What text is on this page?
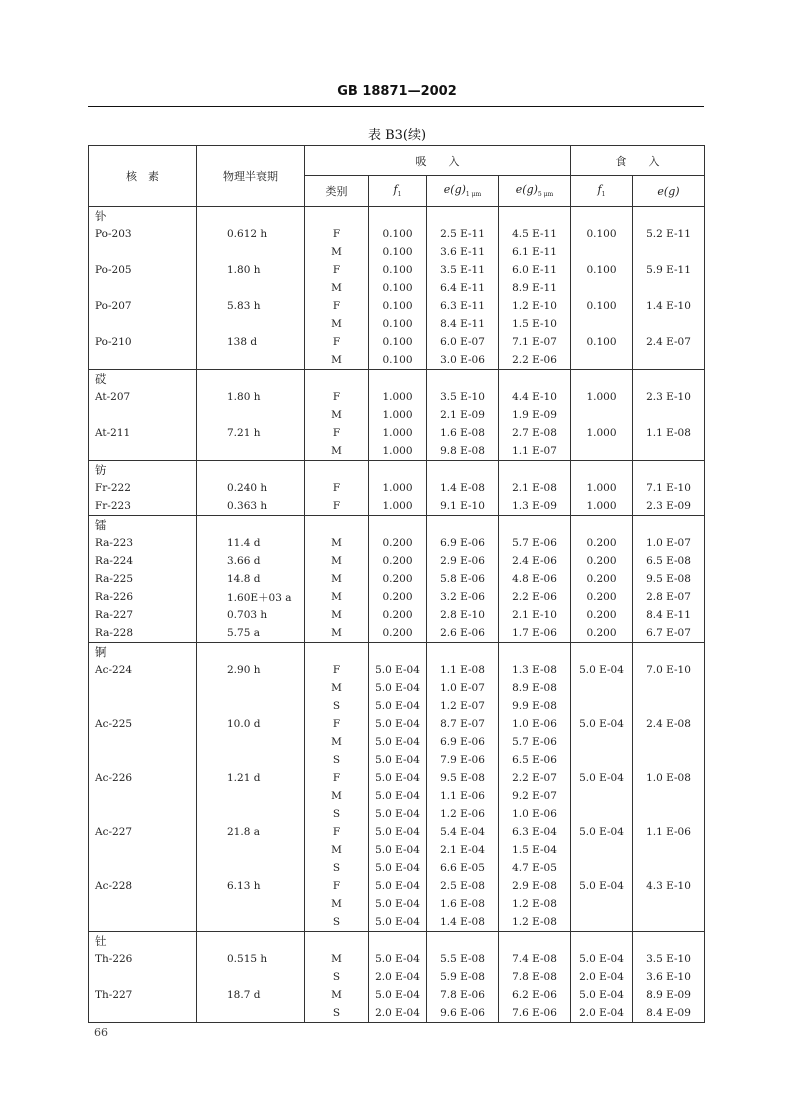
GB 18871—2002
表 B3(续)
核　素	物理半衰期	吸　　入				食　　入	
		类别	$f_1$	$e(g)_{1 \mu m}$	$e(g)_{5 \mu m}$	$f_1$	e(g)
钋							
Po-203	0.612 h	F	0.100	2.5 E-11	4.5 E-11	0.100	5.2 E-11
		M	0.100	3.6 E-11	6.1 E-11		
Po-205	1.80 h	F	0.100	3.5 E-11	6.0 E-11	0.100	5.9 E-11
		M	0.100	6.4 E-11	8.9 E-11		
Po-207	5.83 h	F	0.100	6.3 E-11	1.2 E-10	0.100	1.4 E-10
		M	0.100	8.4 E-11	1.5 E-10		
Po-210	138 d	F	0.100	6.0 E-07	7.1 E-07	0.100	2.4 E-07
		M	0.100	3.0 E-06	2.2 E-06		
砹							
At-207	1.80 h	F	1.000	3.5 E-10	4.4 E-10	1.000	2.3 E-10
		M	1.000	2.1 E-09	1.9 E-09		
At-211	7.21 h	F	1.000	1.6 E-08	2.7 E-08	1.000	1.1 E-08
		M	1.000	9.8 E-08	1.1 E-07		
钫							
Fr-222	0.240 h	F	1.000	1.4 E-08	2.1 E-08	1.000	7.1 E-10
Fr-223	0.363 h	F	1.000	9.1 E-10	1.3 E-09	1.000	2.3 E-09
镭							
Ra-223	11.4 d	M	0.200	6.9 E-06	5.7 E-06	0.200	1.0 E-07
Ra-224	3.66 d	M	0.200	2.9 E-06	2.4 E-06	0.200	6.5 E-08
Ra-225	14.8 d	M	0.200	5.8 E-06	4.8 E-06	0.200	9.5 E-08
Ra-226	1.60E＋03 a	M	0.200	3.2 E-06	2.2 E-06	0.200	2.8 E-07
Ra-227	0.703 h	M	0.200	2.8 E-10	2.1 E-10	0.200	8.4 E-11
Ra-228	5.75 a	M	0.200	2.6 E-06	1.7 E-06	0.200	6.7 E-07
锕							
Ac-224	2.90 h	F	5.0 E-04	1.1 E-08	1.3 E-08	5.0 E-04	7.0 E-10
		M	5.0 E-04	1.0 E-07	8.9 E-08		
		S	5.0 E-04	1.2 E-07	9.9 E-08		
Ac-225	10.0 d	F	5.0 E-04	8.7 E-07	1.0 E-06	5.0 E-04	2.4 E-08
		M	5.0 E-04	6.9 E-06	5.7 E-06		
		S	5.0 E-04	7.9 E-06	6.5 E-06		
Ac-226	1.21 d	F	5.0 E-04	9.5 E-08	2.2 E-07	5.0 E-04	1.0 E-08
		M	5.0 E-04	1.1 E-06	9.2 E-07		
		S	5.0 E-04	1.2 E-06	1.0 E-06		
Ac-227	21.8 a	F	5.0 E-04	5.4 E-04	6.3 E-04	5.0 E-04	1.1 E-06
		M	5.0 E-04	2.1 E-04	1.5 E-04		
		S	5.0 E-04	6.6 E-05	4.7 E-05		
Ac-228	6.13 h	F	5.0 E-04	2.5 E-08	2.9 E-08	5.0 E-04	4.3 E-10
		M	5.0 E-04	1.6 E-08	1.2 E-08		
		S	5.0 E-04	1.4 E-08	1.2 E-08		
钍							
Th-226	0.515 h	M	5.0 E-04	5.5 E-08	7.4 E-08	5.0 E-04	3.5 E-10
		S	2.0 E-04	5.9 E-08	7.8 E-08	2.0 E-04	3.6 E-10
Th-227	18.7 d	M	5.0 E-04	7.8 E-06	6.2 E-06	5.0 E-04	8.9 E-09
		S	2.0 E-04	9.6 E-06	7.6 E-06	2.0 E-04	8.4 E-09
66
